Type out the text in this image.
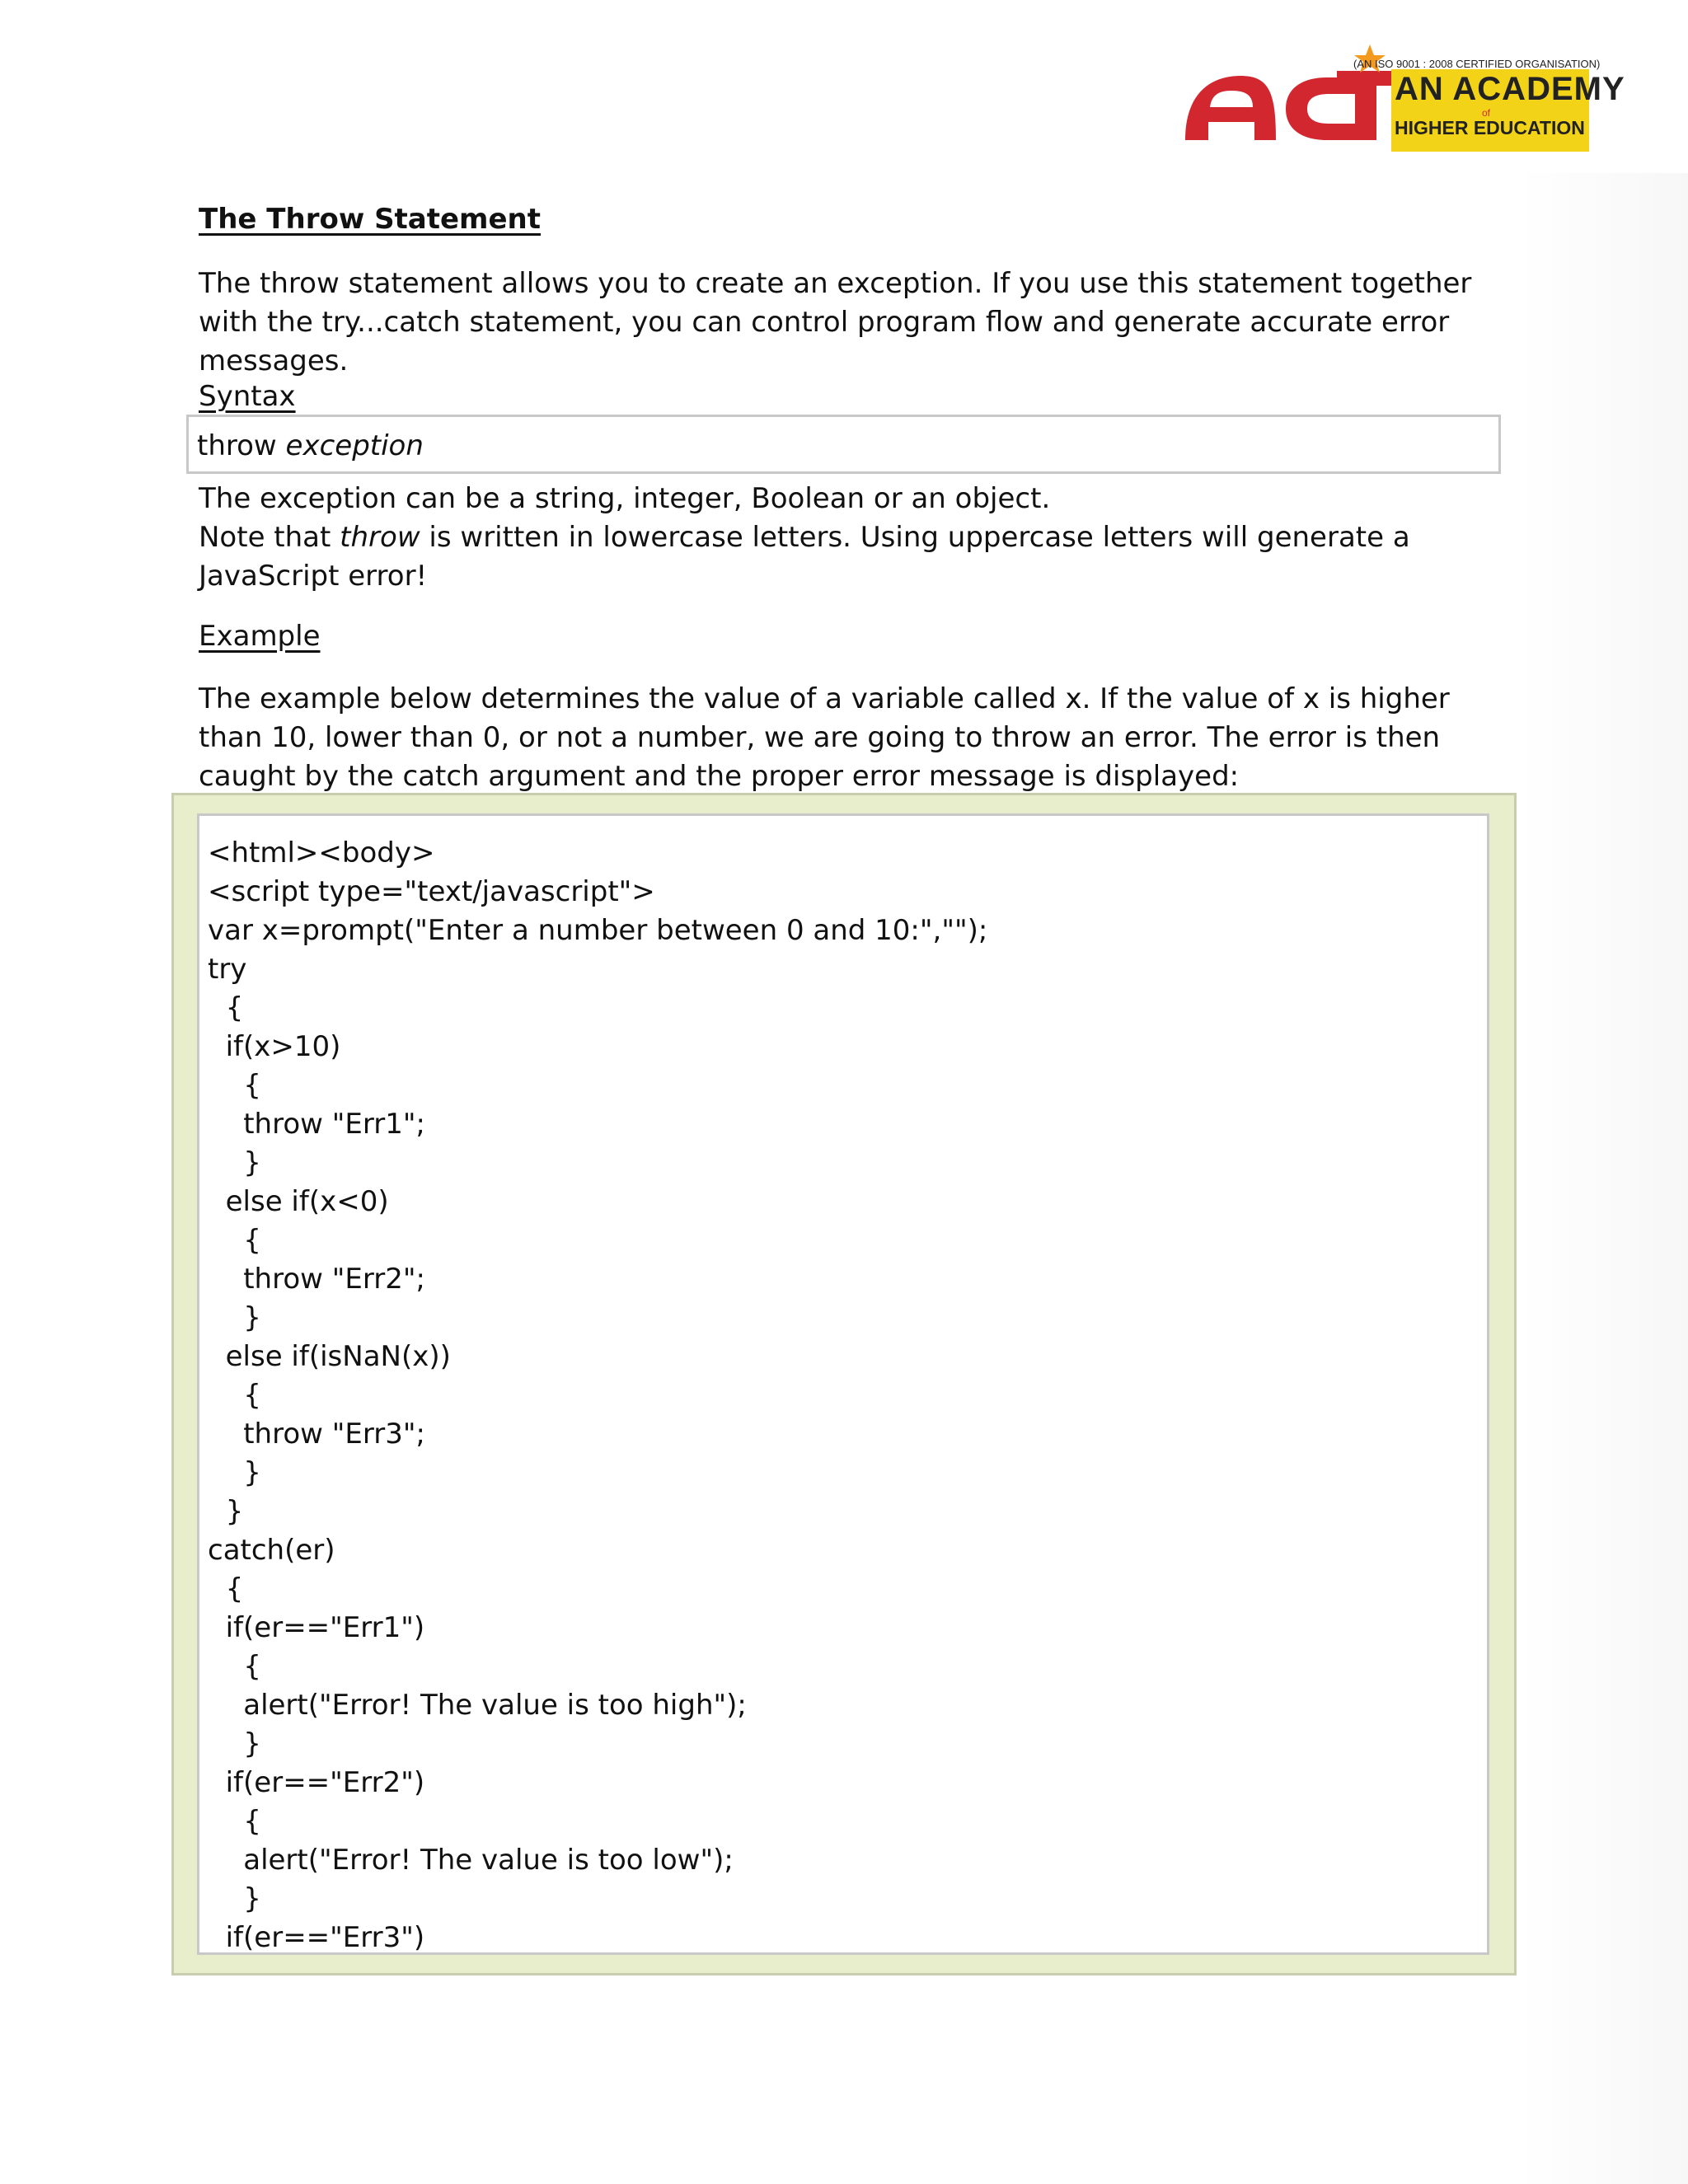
(AN ISO 9001 : 2008 CERTIFIED ORGANISATION)
AN ACADEMY
of
HIGHER EDUCATION
The Throw Statement
The throw statement allows you to create an exception. If you use this statement together with the try...catch statement, you can control program flow and generate accurate error messages.
Syntax
throw exception
The exception can be a string, integer, Boolean or an object.
Note that throw is written in lowercase letters. Using uppercase letters will generate a JavaScript error!
Example
The example below determines the value of a variable called x. If the value of x is higher than 10, lower than 0, or not a number, we are going to throw an error. The error is then caught by the catch argument and the proper error message is displayed:
<html><body>
<script type="text/javascript">
var x=prompt("Enter a number between 0 and 10:","");
try
{
if(x>10)
{
throw "Err1";
}
else if(x<0)
{
throw "Err2";
}
else if(isNaN(x))
{
throw "Err3";
}
}
catch(er)
{
if(er=="Err1")
{
alert("Error! The value is too high");
}
if(er=="Err2")
{
alert("Error! The value is too low");
}
if(er=="Err3")
